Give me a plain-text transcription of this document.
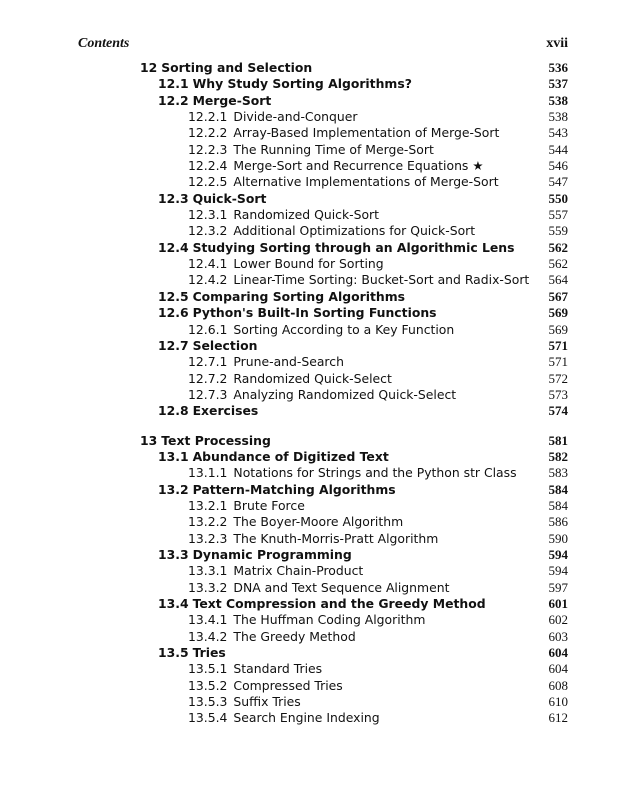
Contents	xvii
12 Sorting and Selection	536
12.1 Why Study Sorting Algorithms?	537
12.2 Merge-Sort	538
12.2.1 Divide-and-Conquer	538
12.2.2 Array-Based Implementation of Merge-Sort	543
12.2.3 The Running Time of Merge-Sort	544
12.2.4 Merge-Sort and Recurrence Equations ★	546
12.2.5 Alternative Implementations of Merge-Sort	547
12.3 Quick-Sort	550
12.3.1 Randomized Quick-Sort	557
12.3.2 Additional Optimizations for Quick-Sort	559
12.4 Studying Sorting through an Algorithmic Lens	562
12.4.1 Lower Bound for Sorting	562
12.4.2 Linear-Time Sorting: Bucket-Sort and Radix-Sort	564
12.5 Comparing Sorting Algorithms	567
12.6 Python's Built-In Sorting Functions	569
12.6.1 Sorting According to a Key Function	569
12.7 Selection	571
12.7.1 Prune-and-Search	571
12.7.2 Randomized Quick-Select	572
12.7.3 Analyzing Randomized Quick-Select	573
12.8 Exercises	574
13 Text Processing	581
13.1 Abundance of Digitized Text	582
13.1.1 Notations for Strings and the Python str Class	583
13.2 Pattern-Matching Algorithms	584
13.2.1 Brute Force	584
13.2.2 The Boyer-Moore Algorithm	586
13.2.3 The Knuth-Morris-Pratt Algorithm	590
13.3 Dynamic Programming	594
13.3.1 Matrix Chain-Product	594
13.3.2 DNA and Text Sequence Alignment	597
13.4 Text Compression and the Greedy Method	601
13.4.1 The Huffman Coding Algorithm	602
13.4.2 The Greedy Method	603
13.5 Tries	604
13.5.1 Standard Tries	604
13.5.2 Compressed Tries	608
13.5.3 Suffix Tries	610
13.5.4 Search Engine Indexing	612
